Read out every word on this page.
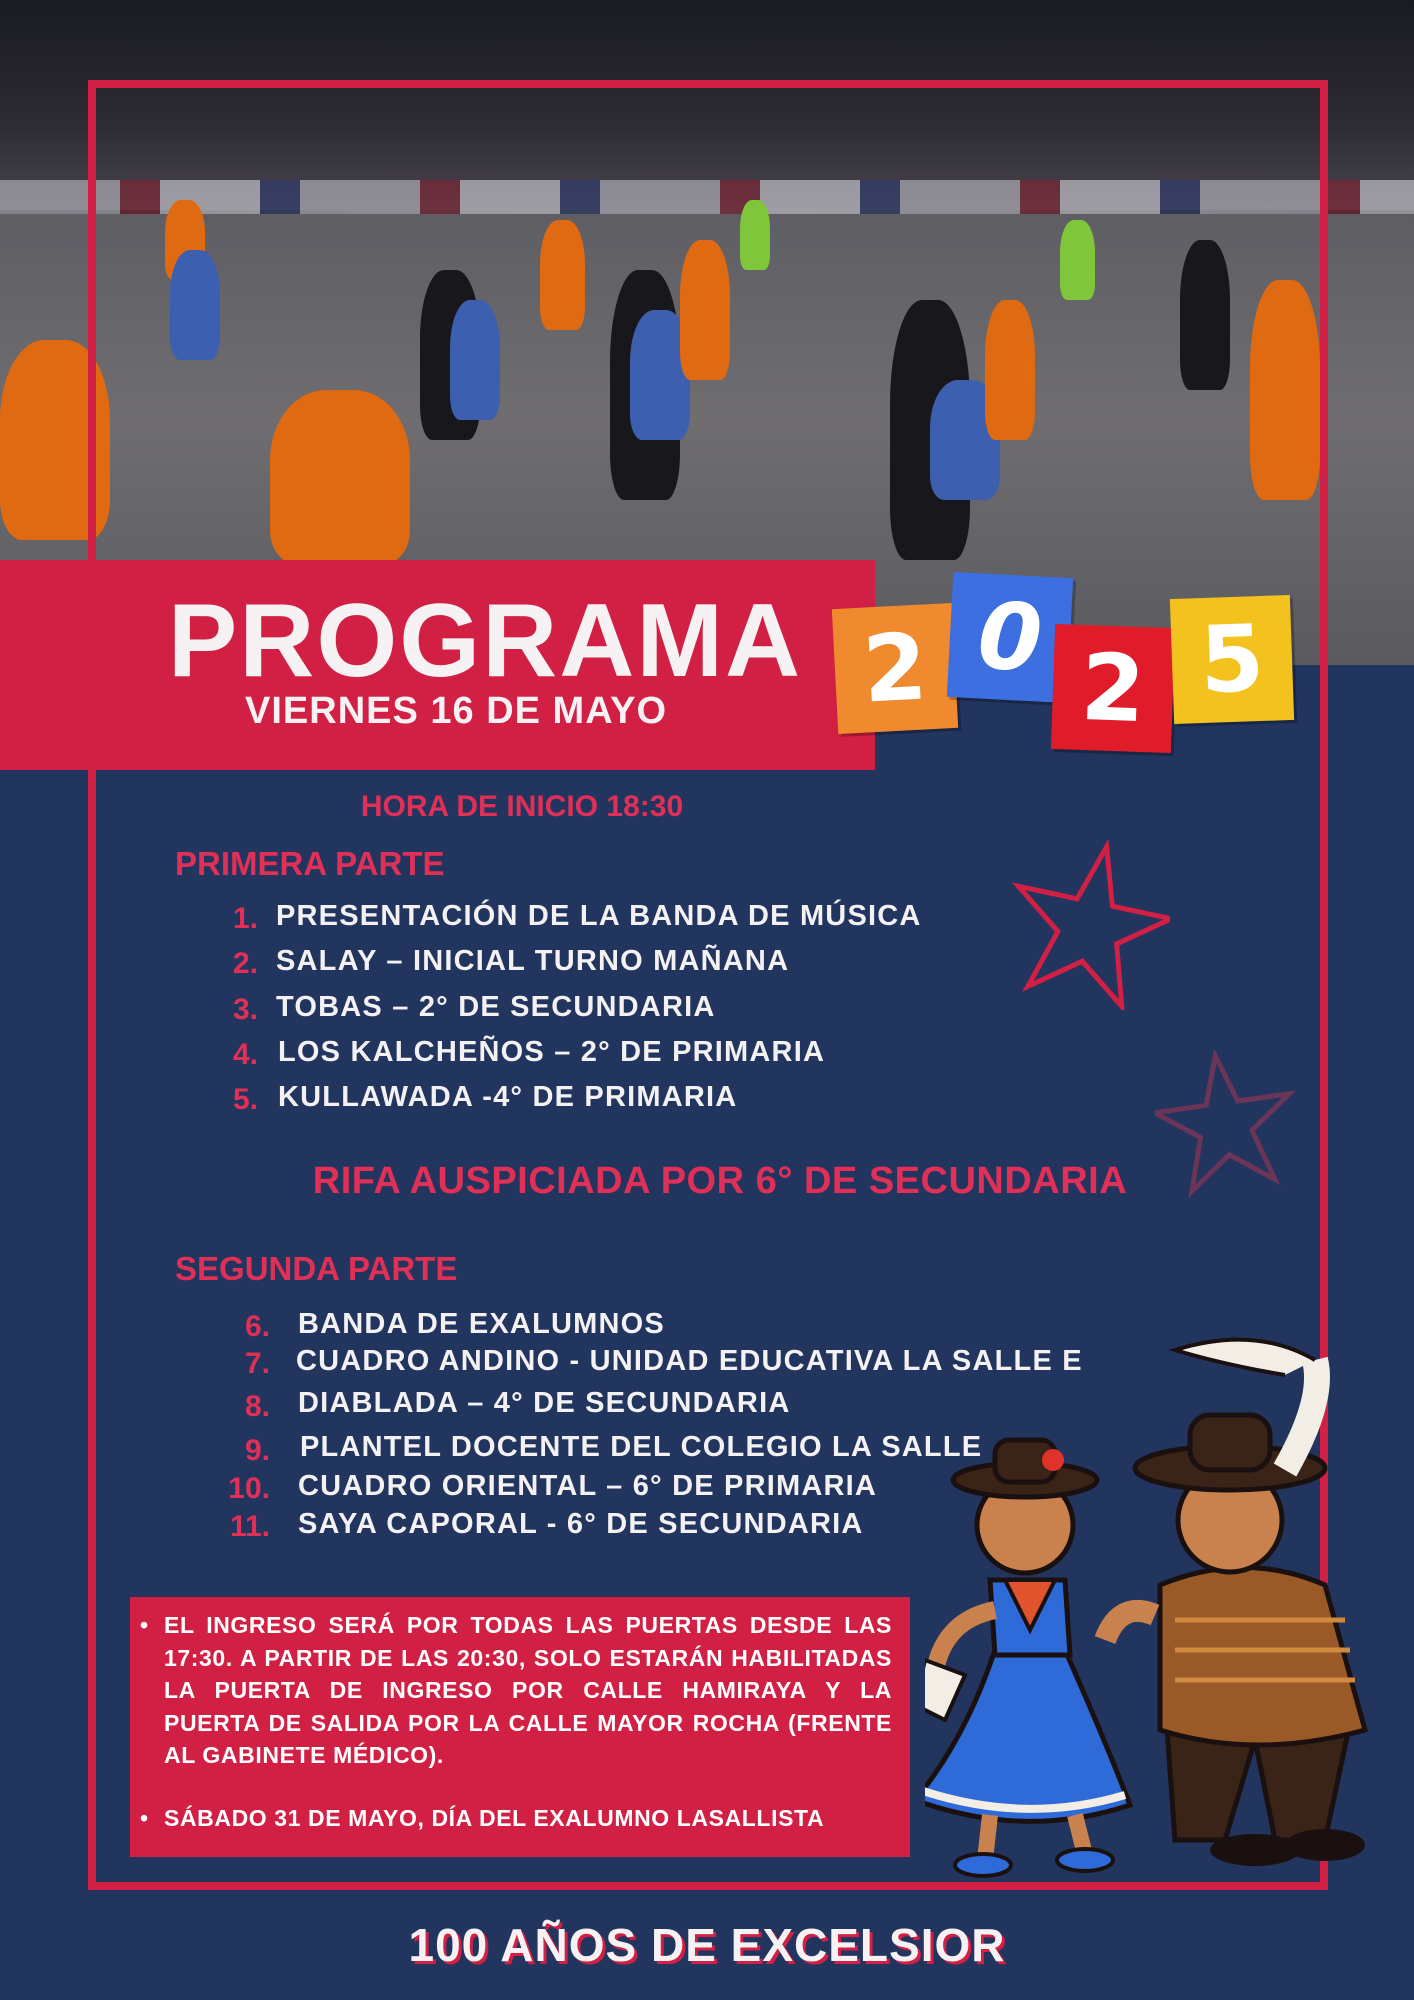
PROGRAMA
VIERNES 16 DE MAYO 2 0 2 5
HORA DE INICIO 18:30
PRIMERA PARTE
1. PRESENTACIÓN DE LA BANDA DE MÚSICA
2. SALAY – INICIAL TURNO MAÑANA
3. TOBAS – 2° DE SECUNDARIA
4. LOS KALCHEÑOS – 2° DE PRIMARIA
5. KULLAWADA -4° DE PRIMARIA
RIFA AUSPICIADA POR 6° DE SECUNDARIA
SEGUNDA PARTE
6. BANDA DE EXALUMNOS
7. CUADRO ANDINO - UNIDAD EDUCATIVA LA SALLE E
8. DIABLADA – 4° DE SECUNDARIA
9. PLANTEL DOCENTE DEL COLEGIO LA SALLE
10. CUADRO ORIENTAL – 6° DE PRIMARIA
11. SAYA CAPORAL - 6° DE SECUNDARIA

• EL INGRESO SERÁ POR TODAS LAS PUERTAS DESDE LAS 17:30. A PARTIR DE LAS 20:30, SOLO ESTARÁN HABILITADAS LA PUERTA DE INGRESO POR CALLE HAMIRAYA Y LA PUERTA DE SALIDA POR LA CALLE MAYOR ROCHA (FRENTE AL GABINETE MÉDICO).

• SÁBADO 31 DE MAYO, DÍA DEL EXALUMNO LASALLISTA

100 AÑOS DE EXCELSIOR
